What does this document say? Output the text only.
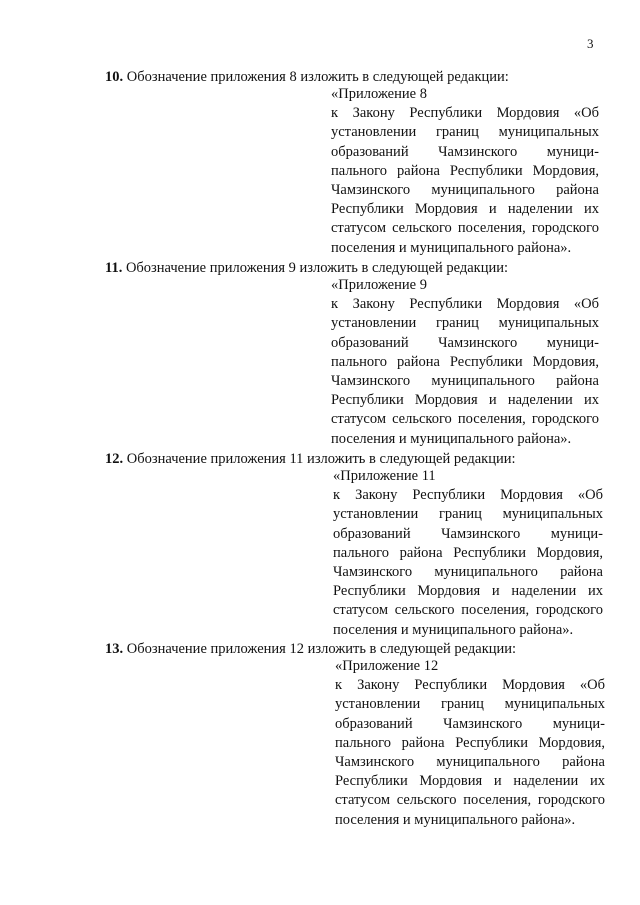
3
10. Обозначение приложения 8 изложить в следующей редакции:
«Приложение 8
к Закону Республики Мордовия «Об установлении границ муниципальных образований Чамзинского муници-пального района Республики Мордовия, Чамзинского муниципального района Республики Мордовия и наделении их статусом сельского поселения, городского поселения и муниципального района».
11. Обозначение приложения 9 изложить в следующей редакции:
«Приложение 9
к Закону Республики Мордовия «Об установлении границ муниципальных образований Чамзинского муници-пального района Республики Мордовия, Чамзинского муниципального района Республики Мордовия и наделении их статусом сельского поселения, городского поселения и муниципального района».
12. Обозначение приложения 11 изложить в следующей редакции:
«Приложение 11
к Закону Республики Мордовия «Об установлении границ муниципальных образований Чамзинского муници-пального района Республики Мордовия, Чамзинского муниципального района Республики Мордовия и наделении их статусом сельского поселения, городского поселения и муниципального района».
13. Обозначение приложения 12 изложить в следующей редакции:
«Приложение 12
к Закону Республики Мордовия «Об установлении границ муниципальных образований Чамзинского муници-пального района Республики Мордовия, Чамзинского муниципального района Республики Мордовия и наделении их статусом сельского поселения, городского поселения и муниципального района».
